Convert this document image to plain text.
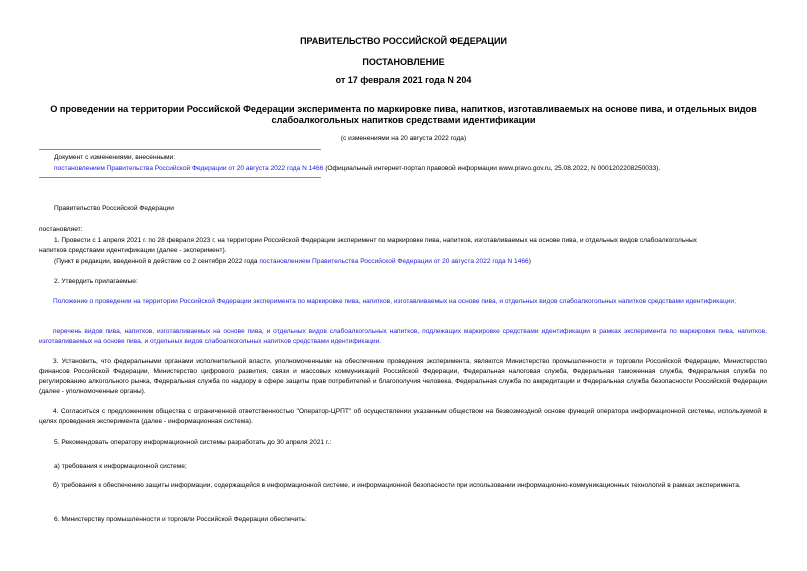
ПРАВИТЕЛЬСТВО РОССИЙСКОЙ ФЕДЕРАЦИИ
ПОСТАНОВЛЕНИЕ
от 17 февраля 2021 года N 204
О проведении на территории Российской Федерации эксперимента по маркировке пива, напитков, изготавливаемых на основе пива, и отдельных видов
слабоалкогольных напитков средствами идентификации
(с изменениями на 20 августа 2022 года)
Документ с изменениями, внесенными:
постановлением Правительства Российской Федерации от 20 августа 2022 года N 1466 (Официальный интернет-портал правовой информации www.pravo.gov.ru, 25.08.2022, N 0001202208250033).
Правительство Российской Федерации
постановляет:
1. Провести с 1 апреля 2021 г. по 28 февраля 2023 г. на территории Российской Федерации эксперимент по маркировке пива, напитков, изготавливаемых на основе пива, и отдельных видов слабоалкогольных
напитков средствами идентификации (далее - эксперимент).
(Пункт в редакции, введенной в действие со 2 сентября 2022 года постановлением Правительства Российской Федерации от 20 августа 2022 года N 1466)
2. Утвердить прилагаемые:
Положение о проведении на территории Российской Федерации эксперимента по маркировке пива, напитков, изготавливаемых на основе пива, и отдельных видов слабоалкогольных напитков средствами идентификации;
перечень видов пива, напитков, изготавливаемых на основе пива, и отдельных видов слабоалкогольных напитков, подлежащих маркировке средствами идентификации в рамках эксперимента по маркировке пива, напитков, изготавливаемых на основе пива, и отдельных видов слабоалкогольных напитков средствами идентификации.
3. Установить, что федеральными органами исполнительной власти, уполномоченными на обеспечение проведения эксперимента, являются Министерство промышленности и торговли Российской Федерации, Министерство финансов Российской Федерации, Министерство цифрового развития, связи и массовых коммуникаций Российской Федерации, Федеральная налоговая служба, Федеральная таможенная служба, Федеральная служба по регулированию алкогольного рынка, Федеральная служба по надзору в сфере защиты прав потребителей и благополучия человека, Федеральная служба по аккредитации и Федеральная служба безопасности Российской Федерации (далее - уполномоченные органы).
4. Согласиться с предложением общества с ограниченной ответственностью "Оператор-ЦРПТ" об осуществлении указанным обществом на безвозмездной основе функций оператора информационной системы, используемой в целях проведения эксперимента (далее - информационная система).
5. Рекомендовать оператору информационной системы разработать до 30 апреля 2021 г.:
а) требования к информационной системе;
б) требования к обеспечению защиты информации, содержащейся в информационной системе, и информационной безопасности при использовании информационно-коммуникационных технологий в рамках эксперимента.
6. Министерству промышленности и торговли Российской Федерации обеспечить:
